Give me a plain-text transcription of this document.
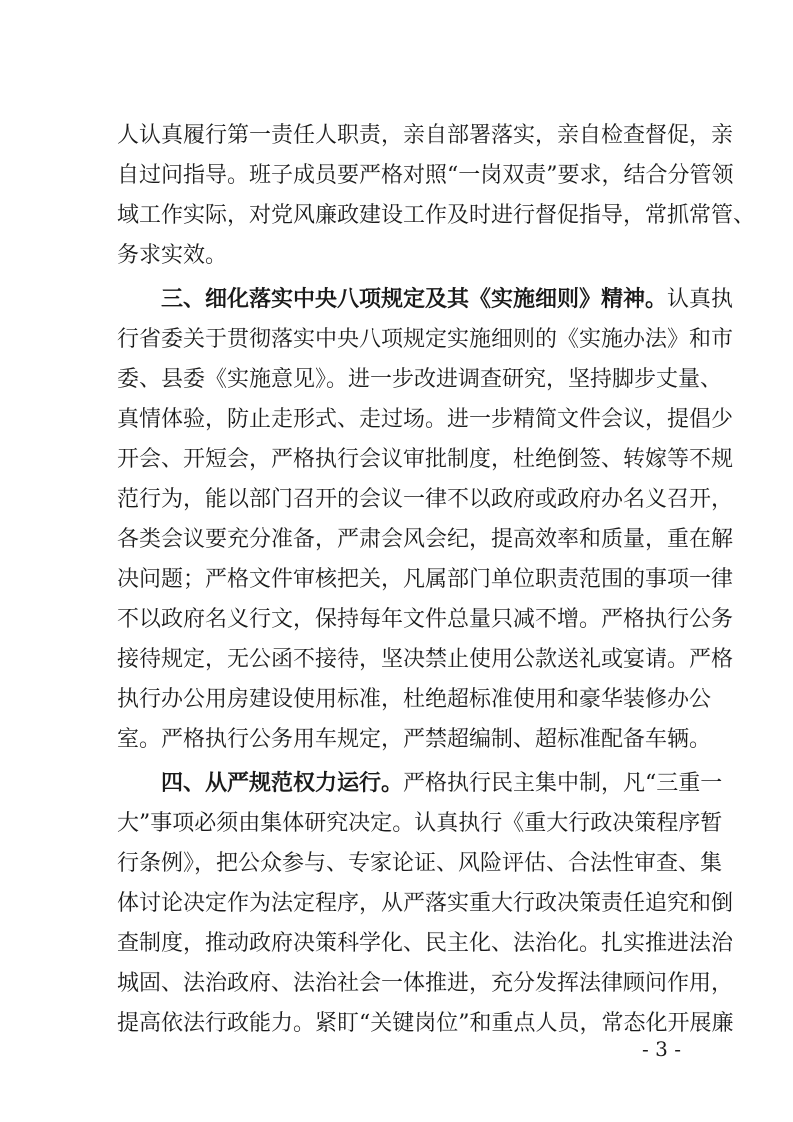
人认真履行第一责任人职责，亲自部署落实，亲自检查督促，亲
自过问指导。班子成员要严格对照“一岗双责”要求，结合分管领
域工作实际，对党风廉政建设工作及时进行督促指导，常抓常管、
务求实效。
三、细化落实中央八项规定及其《实施细则》精神。认真执
行省委关于贯彻落实中央八项规定实施细则的《实施办法》和市
委、县委《实施意见》。进一步改进调查研究，坚持脚步丈量、
真情体验，防止走形式、走过场。进一步精简文件会议，提倡少
开会、开短会，严格执行会议审批制度，杜绝倒签、转嫁等不规
范行为，能以部门召开的会议一律不以政府或政府办名义召开，
各类会议要充分准备，严肃会风会纪，提高效率和质量，重在解
决问题；严格文件审核把关，凡属部门单位职责范围的事项一律
不以政府名义行文，保持每年文件总量只减不增。严格执行公务
接待规定，无公函不接待，坚决禁止使用公款送礼或宴请。严格
执行办公用房建设使用标准，杜绝超标准使用和豪华装修办公
室。严格执行公务用车规定，严禁超编制、超标准配备车辆。
四、从严规范权力运行。严格执行民主集中制，凡“三重一
大”事项必须由集体研究决定。认真执行《重大行政决策程序暂
行条例》，把公众参与、专家论证、风险评估、合法性审查、集
体讨论决定作为法定程序，从严落实重大行政决策责任追究和倒
查制度，推动政府决策科学化、民主化、法治化。扎实推进法治
城固、法治政府、法治社会一体推进，充分发挥法律顾问作用，
提高依法行政能力。紧盯“关键岗位”和重点人员，常态化开展廉
- 3 -
